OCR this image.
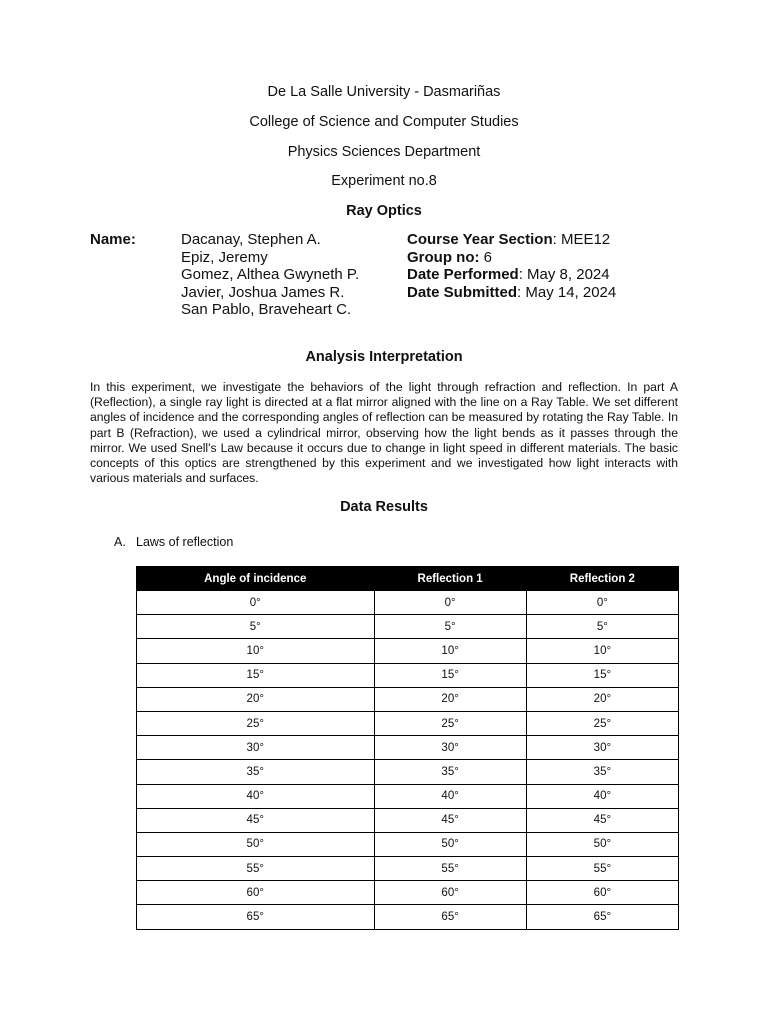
De La Salle University - Dasmariñas
College of Science and Computer Studies
Physics Sciences Department
Experiment no.8
Ray Optics
Name:	Dacanay, Stephen A.
Epiz, Jeremy
Gomez, Althea Gwyneth P.
Javier, Joshua James R.
San Pablo, Braveheart C.
Course Year Section: MEE12
Group no: 6
Date Performed: May 8, 2024
Date Submitted: May 14, 2024
Analysis Interpretation
In this experiment, we investigate the behaviors of the light through refraction and reflection. In part A (Reflection), a single ray light is directed at a flat mirror aligned with the line on a Ray Table. We set different angles of incidence and the corresponding angles of reflection can be measured by rotating the Ray Table. In part B (Refraction), we used a cylindrical mirror, observing how the light bends as it passes through the mirror. We used Snell's Law because it occurs due to change in light speed in different materials. The basic concepts of this optics are strengthened by this experiment and we investigated how light interacts with various materials and surfaces.
Data Results
A. Laws of reflection
Angle of incidence	Reflection 1	Reflection 2
0°	0°	0°
5°	5°	5°
10°	10°	10°
15°	15°	15°
20°	20°	20°
25°	25°	25°
30°	30°	30°
35°	35°	35°
40°	40°	40°
45°	45°	45°
50°	50°	50°
55°	55°	55°
60°	60°	60°
65°	65°	65°
